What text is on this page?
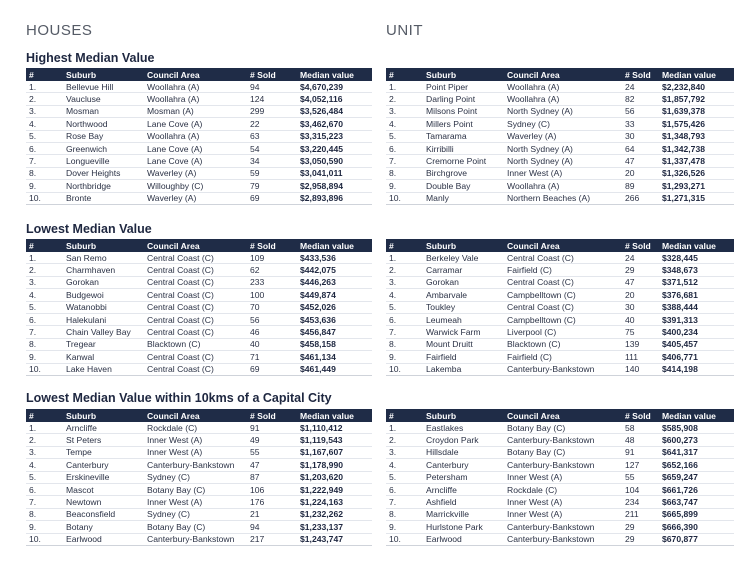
HOUSES	UNIT
Highest Median Value
Lowest Median Value
Lowest Median Value within 10kms of a Capital City
#	Suburb	Council Area	# Sold	Median value
1.	Bellevue Hill	Woollahra (A)	94	$4,670,239
2.	Vaucluse	Woollahra (A)	124	$4,052,116
3.	Mosman	Mosman (A)	299	$3,526,484
4.	Northwood	Lane Cove (A)	22	$3,462,670
5.	Rose Bay	Woollahra (A)	63	$3,315,223
6.	Greenwich	Lane Cove (A)	54	$3,220,445
7.	Longueville	Lane Cove (A)	34	$3,050,590
8.	Dover Heights	Waverley (A)	59	$3,041,011
9.	Northbridge	Willoughby (C)	79	$2,958,894
10.	Bronte	Waverley (A)	69	$2,893,896
#	Suburb	Council Area	# Sold	Median value
1.	Point Piper	Woollahra (A)	24	$2,232,840
2.	Darling Point	Woollahra (A)	82	$1,857,792
3.	Milsons Point	North Sydney (A)	56	$1,639,378
4.	Millers Point	Sydney (C)	33	$1,575,426
5.	Tamarama	Waverley (A)	30	$1,348,793
6.	Kirribilli	North Sydney (A)	64	$1,342,738
7.	Cremorne Point	North Sydney (A)	47	$1,337,478
8.	Birchgrove	Inner West (A)	20	$1,326,526
9.	Double Bay	Woollahra (A)	89	$1,293,271
10.	Manly	Northern Beaches (A)	266	$1,271,315
#	Suburb	Council Area	# Sold	Median value
1.	San Remo	Central Coast (C)	109	$433,536
2.	Charmhaven	Central Coast (C)	62	$442,075
3.	Gorokan	Central Coast (C)	233	$446,263
4.	Budgewoi	Central Coast (C)	100	$449,874
5.	Watanobbi	Central Coast (C)	70	$452,026
6.	Halekulani	Central Coast (C)	56	$453,636
7.	Chain Valley Bay	Central Coast (C)	46	$456,847
8.	Tregear	Blacktown (C)	40	$458,158
9.	Kanwal	Central Coast (C)	71	$461,134
10.	Lake Haven	Central Coast (C)	69	$461,449
#	Suburb	Council Area	# Sold	Median value
1.	Berkeley Vale	Central Coast (C)	24	$328,445
2.	Carramar	Fairfield (C)	29	$348,673
3.	Gorokan	Central Coast (C)	47	$371,512
4.	Ambarvale	Campbelltown (C)	20	$376,681
5.	Toukley	Central Coast (C)	30	$388,444
6.	Leumeah	Campbelltown (C)	40	$391,313
7.	Warwick Farm	Liverpool (C)	75	$400,234
8.	Mount Druitt	Blacktown (C)	139	$405,457
9.	Fairfield	Fairfield (C)	111	$406,771
10.	Lakemba	Canterbury-Bankstown	140	$414,198
#	Suburb	Council Area	# Sold	Median value
1.	Arncliffe	Rockdale (C)	91	$1,110,412
2.	St Peters	Inner West (A)	49	$1,119,543
3.	Tempe	Inner West (A)	55	$1,167,607
4.	Canterbury	Canterbury-Bankstown	47	$1,178,990
5.	Erskineville	Sydney (C)	87	$1,203,620
6.	Mascot	Botany Bay (C)	106	$1,222,949
7.	Newtown	Inner West (A)	176	$1,224,163
8.	Beaconsfield	Sydney (C)	21	$1,232,262
9.	Botany	Botany Bay (C)	94	$1,233,137
10.	Earlwood	Canterbury-Bankstown	217	$1,243,747
#	Suburb	Council Area	# Sold	Median value
1.	Eastlakes	Botany Bay (C)	58	$585,908
2.	Croydon Park	Canterbury-Bankstown	48	$600,273
3.	Hillsdale	Botany Bay (C)	91	$641,317
4.	Canterbury	Canterbury-Bankstown	127	$652,166
5.	Petersham	Inner West (A)	55	$659,247
6.	Arncliffe	Rockdale (C)	104	$661,726
7.	Ashfield	Inner West (A)	234	$663,747
8.	Marrickville	Inner West (A)	211	$665,899
9.	Hurlstone Park	Canterbury-Bankstown	29	$666,390
10.	Earlwood	Canterbury-Bankstown	29	$670,877
